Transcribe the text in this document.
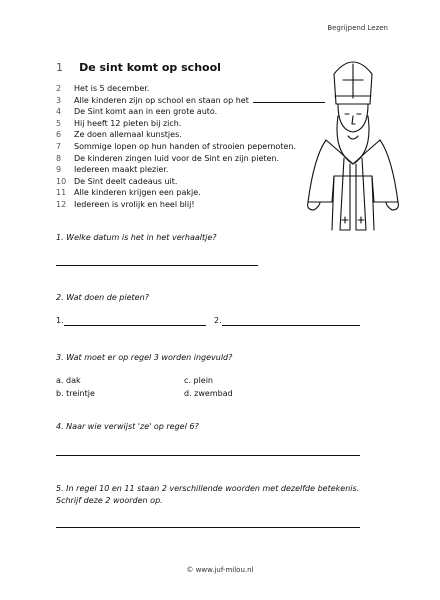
Begrijpend Lezen
1 De sint komt op school
2 Het is 5 december.
3 Alle kinderen zijn op school en staan op het
4 De Sint komt aan in een grote auto.
5 Hij heeft 12 pieten bij zich.
6 Ze doen allemaal kunstjes.
7 Sommige lopen op hun handen of strooien pepernoten.
8 De kinderen zingen luid voor de Sint en zijn pieten.
9 Iedereen maakt plezier.
10 De Sint deelt cadeaus uit.
11 Alle kinderen krijgen een pakje.
12 Iedereen is vrolijk en heel blij!
1. Welke datum is het in het verhaaltje?
2. Wat doen de pieten?
1.	2.
3. Wat moet er op regel 3 worden ingevuld?
a. dak	c. plein
b. treintje	d. zwembad
4. Naar wie verwijst 'ze' op regel 6?
5. In regel 10 en 11 staan 2 verschillende woorden met dezelfde betekenis.
Schrijf deze 2 woorden op.
© www.juf-milou.nl
